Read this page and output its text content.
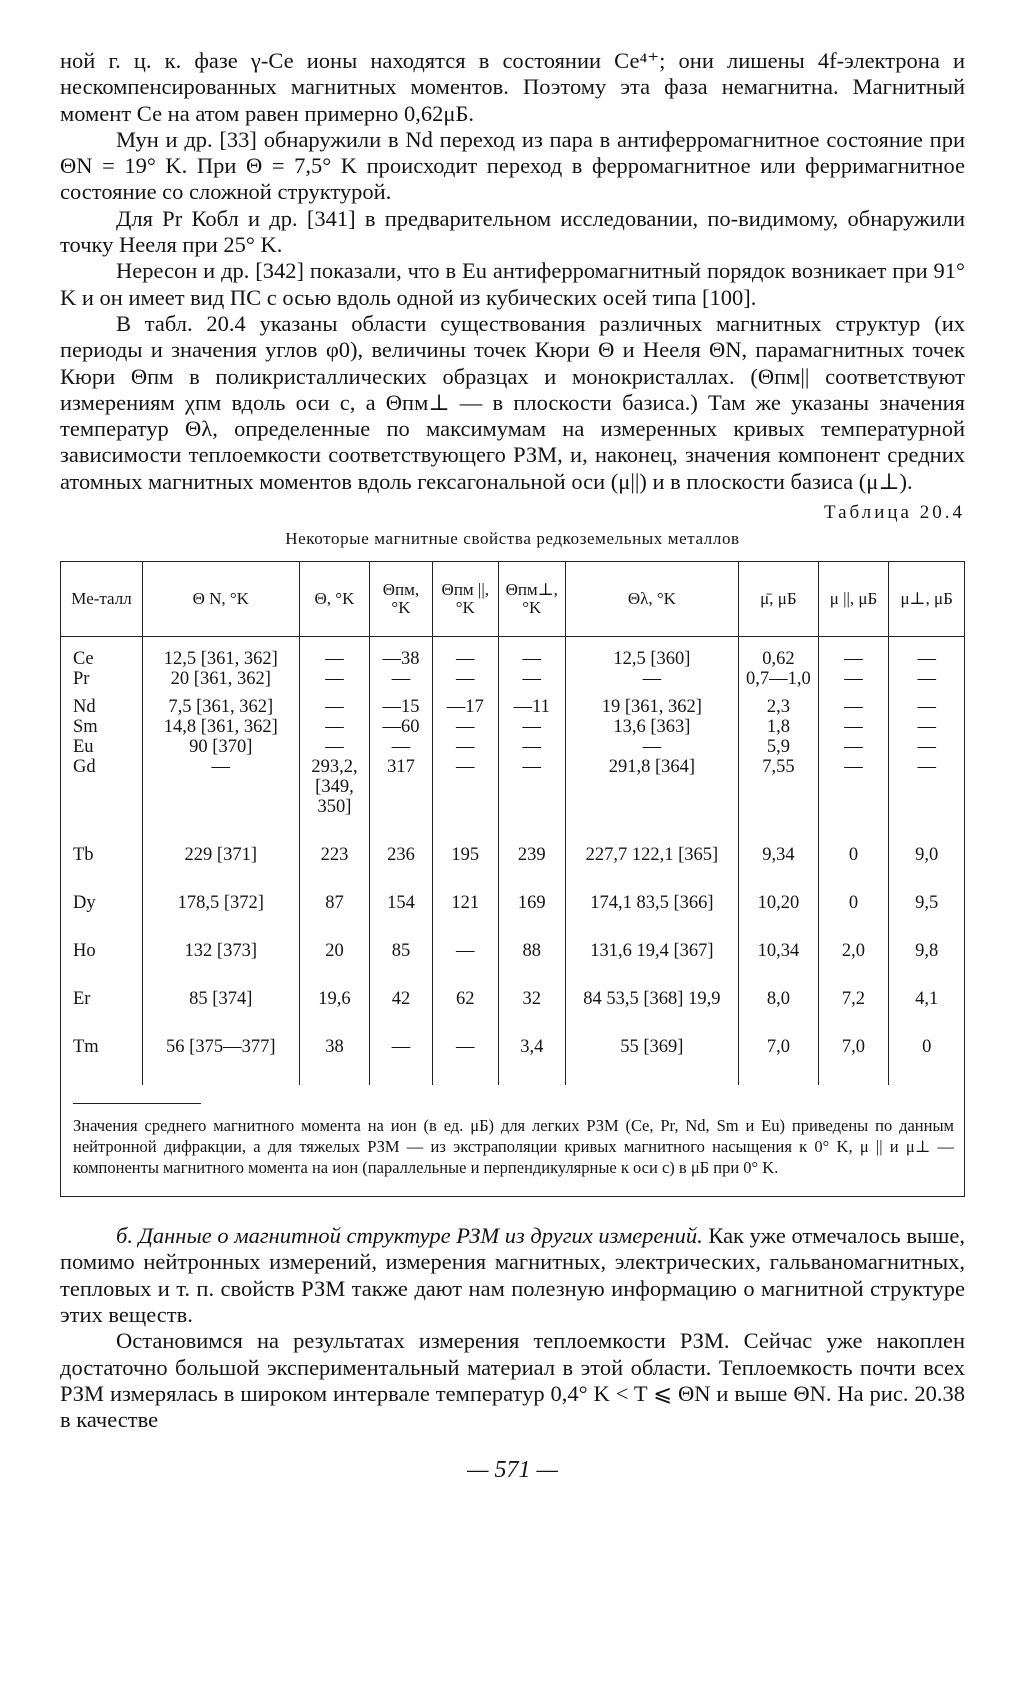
ной г. ц. к. фазе γ-Се ионы находятся в состоянии Се⁴⁺; они лишены 4f-электрона и нескомпенсированных магнитных моментов. Поэтому эта фаза немагнитна. Магнитный момент Се на атом равен примерно 0,62μБ.

Мун и др. [33] обнаружили в Nd переход из пара в антиферромагнитное состояние при ΘN = 19° K. При Θ = 7,5° K происходит переход в ферромагнитное или ферримагнитное состояние со сложной структурой.

Для Pr Кобл и др. [341] в предварительном исследовании, по-видимому, обнаружили точку Нееля при 25° K.

Нересон и др. [342] показали, что в Eu антиферромагнитный порядок возникает при 91° K и он имеет вид ПС с осью вдоль одной из кубических осей типа [100].

В табл. 20.4 указаны области существования различных магнитных структур (их периоды и значения углов φ0), величины точек Кюри Θ и Нееля ΘN, парамагнитных точек Кюри Θпм в поликристаллических образцах и монокристаллах. (Θпм|| соответствуют измерениям χпм вдоль оси c, а Θпм⊥ — в плоскости базиса.) Там же указаны значения температур Θλ, определенные по максимумам на измеренных кривых температурной зависимости теплоемкости соответствующего РЗМ, и, наконец, значения компонент средних атомных магнитных моментов вдоль гексагональной оси (μ||) и в плоскости базиса (μ⊥).

Таблица 20.4
Некоторые магнитные свойства редкоземельных металлов
Ме-талл	Θ N, °K	Θ, °K	Θпм, °K	Θпм ||, °K	Θпм⊥, °K	Θλ, °K	μ̄, μБ	μ ||, μБ	μ⊥, μБ
Ce	12,5 [361, 362]	—	—38	—	—	12,5 [360]	0,62	—	—
Pr	20 [361, 362]	—	—	—	—	—	0,7—1,0	—	—

Nd	7,5 [361, 362]	—	—15	—17	—11	19 [361, 362]	2,3	—	—
Sm	14,8 [361, 362]	—	—60	—	—	13,6 [363]	1,8	—	—
Eu	90 [370]	—	—	—	—	—	5,9	—	—
Gd	—	293,2, [349, 350]	317	—	—	291,8 [364]	7,55	—	—

Tb	229 [371]	223	236	195	239	227,7 122,1 [365]	9,34	0	9,0

Dy	178,5 [372]	87	154	121	169	174,1 83,5 [366]	10,20	0	9,5

Ho	132 [373]	20	85	—	88	131,6 19,4 [367]	10,34	2,0	9,8

Er	85 [374]	19,6	42	62	32	84 53,5 [368] 19,9	8,0	7,2	4,1

Tm	56 [375—377]	38	—	—	3,4	55 [369]	7,0	7,0	0

Значения среднего магнитного момента на ион (в ед. μБ) для легких РЗМ (Ce, Pr, Nd, Sm и Eu) приведены по данным нейтронной дифракции, а для тяжелых РЗМ — из экстраполяции кривых магнитного насыщения к 0° K, μ || и μ⊥ — компоненты магнитного момента на ион (параллельные и перпендикулярные к оси c) в μБ при 0° K.

б. Данные о магнитной структуре РЗМ из других измерений. Как уже отмечалось выше, помимо нейтронных измерений, измерения магнитных, электрических, гальваномагнитных, тепловых и т. п. свойств РЗМ также дают нам полезную информацию о магнитной структуре этих веществ.

Остановимся на результатах измерения теплоемкости РЗМ. Сейчас уже накоплен достаточно большой экспериментальный материал в этой области. Теплоемкость почти всех РЗМ измерялась в широком интервале температур 0,4° K < T ⩽ ΘN и выше ΘN. На рис. 20.38 в качестве

— 571 —
